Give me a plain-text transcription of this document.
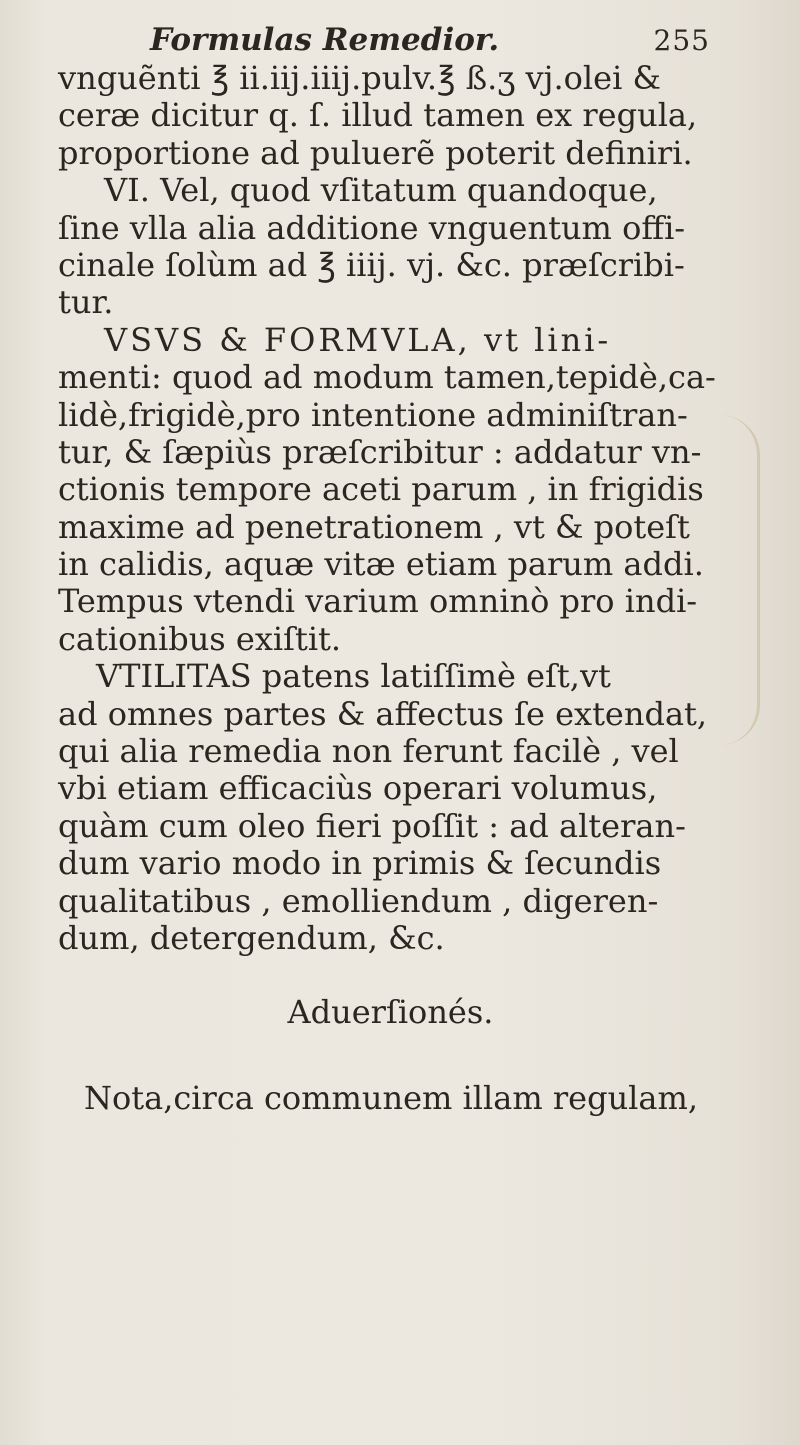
Formulas Remedior.	255
vnguẽnti ℥ ii.iij.iiij.pulv.℥ ß.ʒ vj.olei &
ceræ dicitur q. ſ. illud tamen ex regula,
proportione ad puluerẽ poterit definiri.
VI. Vel, quod vſitatum quandoque,
ſine vlla alia additione vnguentum offi-
cinale ſolùm ad ℥ iiij. vj. &c. præſcribi-
tur.
VSVS & FORMVLA, vt lini-
menti: quod ad modum tamen,tepidè,ca-
lidè,frigidè,pro intentione adminiſtran-
tur, & ſæpiùs præſcribitur : addatur vn-
ctionis tempore aceti parum , in frigidis
maxime ad penetrationem , vt & poteſt
in calidis, aquæ vitæ etiam parum addi.
Tempus vtendi varium omninò pro indi-
cationibus exiſtit.
VTILITAS patens latiſſimè eſt,vt
ad omnes partes & affectus ſe extendat,
qui alia remedia non ferunt facilè , vel
vbi etiam efficaciùs operari volumus,
quàm cum oleo fieri poſſit : ad alteran-
dum vario modo in primis & ſecundis
qualitatibus , emolliendum , digeren-
dum, detergendum, &c.
Aduerſionés.
Nota,circa communem illam regulam,
